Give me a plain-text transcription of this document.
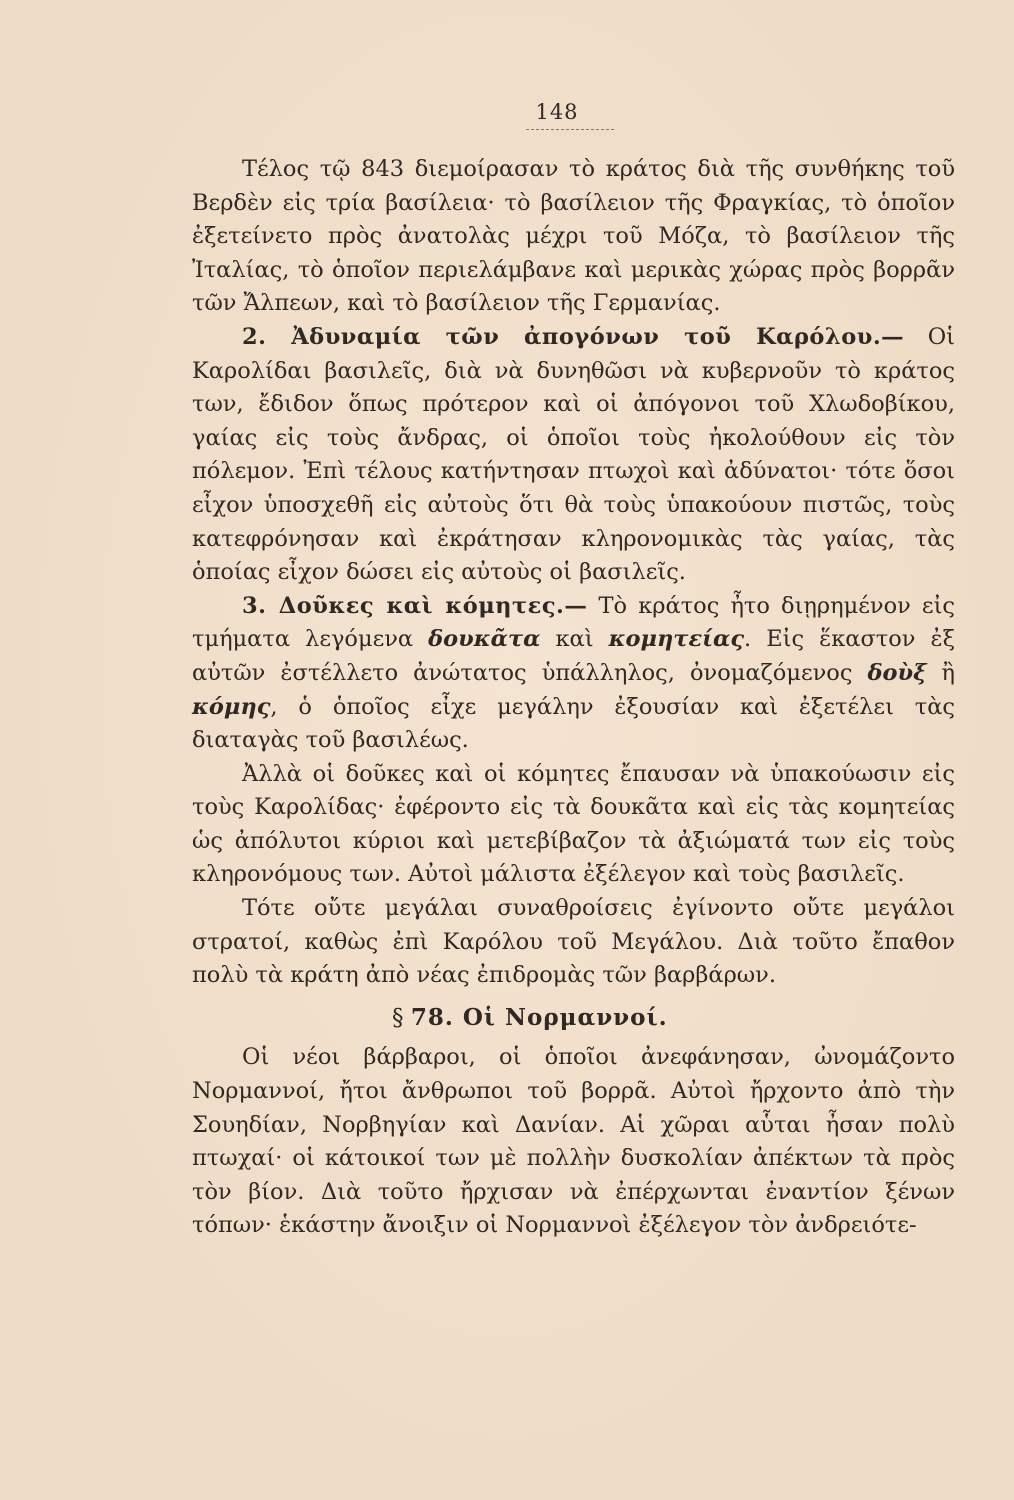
148

Τέλος τῷ 843 διεμοίρασαν τὸ κράτος διὰ τῆς συνθήκης τοῦ Βερδὲν εἰς τρία βασίλεια· τὸ βασίλειον τῆς Φραγκίας, τὸ ὁποῖον ἐξετείνετο πρὸς ἀνατολὰς μέχρι τοῦ Μόζα, τὸ βασίλειον τῆς Ἰταλίας, τὸ ὁποῖον περιελάμβανε καὶ μερικὰς χώρας πρὸς βορρᾶν τῶν Ἄλπεων, καὶ τὸ βασίλειον τῆς Γερμανίας.

2. Ἀδυναμία τῶν ἀπογόνων τοῦ Καρόλου.— Οἱ Καρολίδαι βασιλεῖς, διὰ νὰ δυνηθῶσι νὰ κυβερνοῦν τὸ κράτος των, ἔδιδον ὅπως πρότερον καὶ οἱ ἀπόγονοι τοῦ Χλωδοβίκου, γαίας εἰς τοὺς ἄνδρας, οἱ ὁποῖοι τοὺς ἠκολούθουν εἰς τὸν πόλεμον. Ἐπὶ τέλους κατήντησαν πτωχοὶ καὶ ἀδύνατοι· τότε ὅσοι εἶχον ὑποσχεθῆ εἰς αὐτοὺς ὅτι θὰ τοὺς ὑπακούουν πιστῶς, τοὺς κατεφρόνησαν καὶ ἐκράτησαν κληρονομικὰς τὰς γαίας, τὰς ὁποίας εἶχον δώσει εἰς αὐτοὺς οἱ βασιλεῖς.

3. Δοῦκες καὶ κόμητες.— Τὸ κράτος ἦτο διῃρημένον εἰς τμήματα λεγόμενα δουκᾶτα καὶ κομητείας. Εἰς ἕκαστον ἐξ αὐτῶν ἐστέλλετο ἀνώτατος ὑπάλληλος, ὀνομαζόμενος δοὺξ ἢ κόμης, ὁ ὁποῖος εἶχε μεγάλην ἐξουσίαν καὶ ἐξετέλει τὰς διαταγὰς τοῦ βασιλέως.

Ἀλλὰ οἱ δοῦκες καὶ οἱ κόμητες ἔπαυσαν νὰ ὑπακούωσιν εἰς τοὺς Καρολίδας· ἐφέροντο εἰς τὰ δουκᾶτα καὶ εἰς τὰς κομητείας ὡς ἀπόλυτοι κύριοι καὶ μετεβίβαζον τὰ ἀξιώματά των εἰς τοὺς κληρονόμους των. Αὐτοὶ μάλιστα ἐξέλεγον καὶ τοὺς βασιλεῖς.

Τότε οὔτε μεγάλαι συναθροίσεις ἐγίνοντο οὔτε μεγάλοι στρατοί, καθὼς ἐπὶ Καρόλου τοῦ Μεγάλου. Διὰ τοῦτο ἔπαθον πολὺ τὰ κράτη ἀπὸ νέας ἐπιδρομὰς τῶν βαρβάρων.

§ 78. Οἱ Νορμαννοί.

Οἱ νέοι βάρβαροι, οἱ ὁποῖοι ἀνεφάνησαν, ὠνομάζοντο Νορμαννοί, ἤτοι ἄνθρωποι τοῦ βορρᾶ. Αὐτοὶ ἤρχοντο ἀπὸ τὴν Σουηδίαν, Νορβηγίαν καὶ Δανίαν. Αἱ χῶραι αὗται ἦσαν πολὺ πτωχαί· οἱ κάτοικοί των μὲ πολλὴν δυσκολίαν ἀπέκτων τὰ πρὸς τὸν βίον. Διὰ τοῦτο ἤρχισαν νὰ ἐπέρχωνται ἐναντίον ξένων τόπων· ἑκάστην ἄνοιξιν οἱ Νορμαννοὶ ἐξέλεγον τὸν ἀνδρειότε-
